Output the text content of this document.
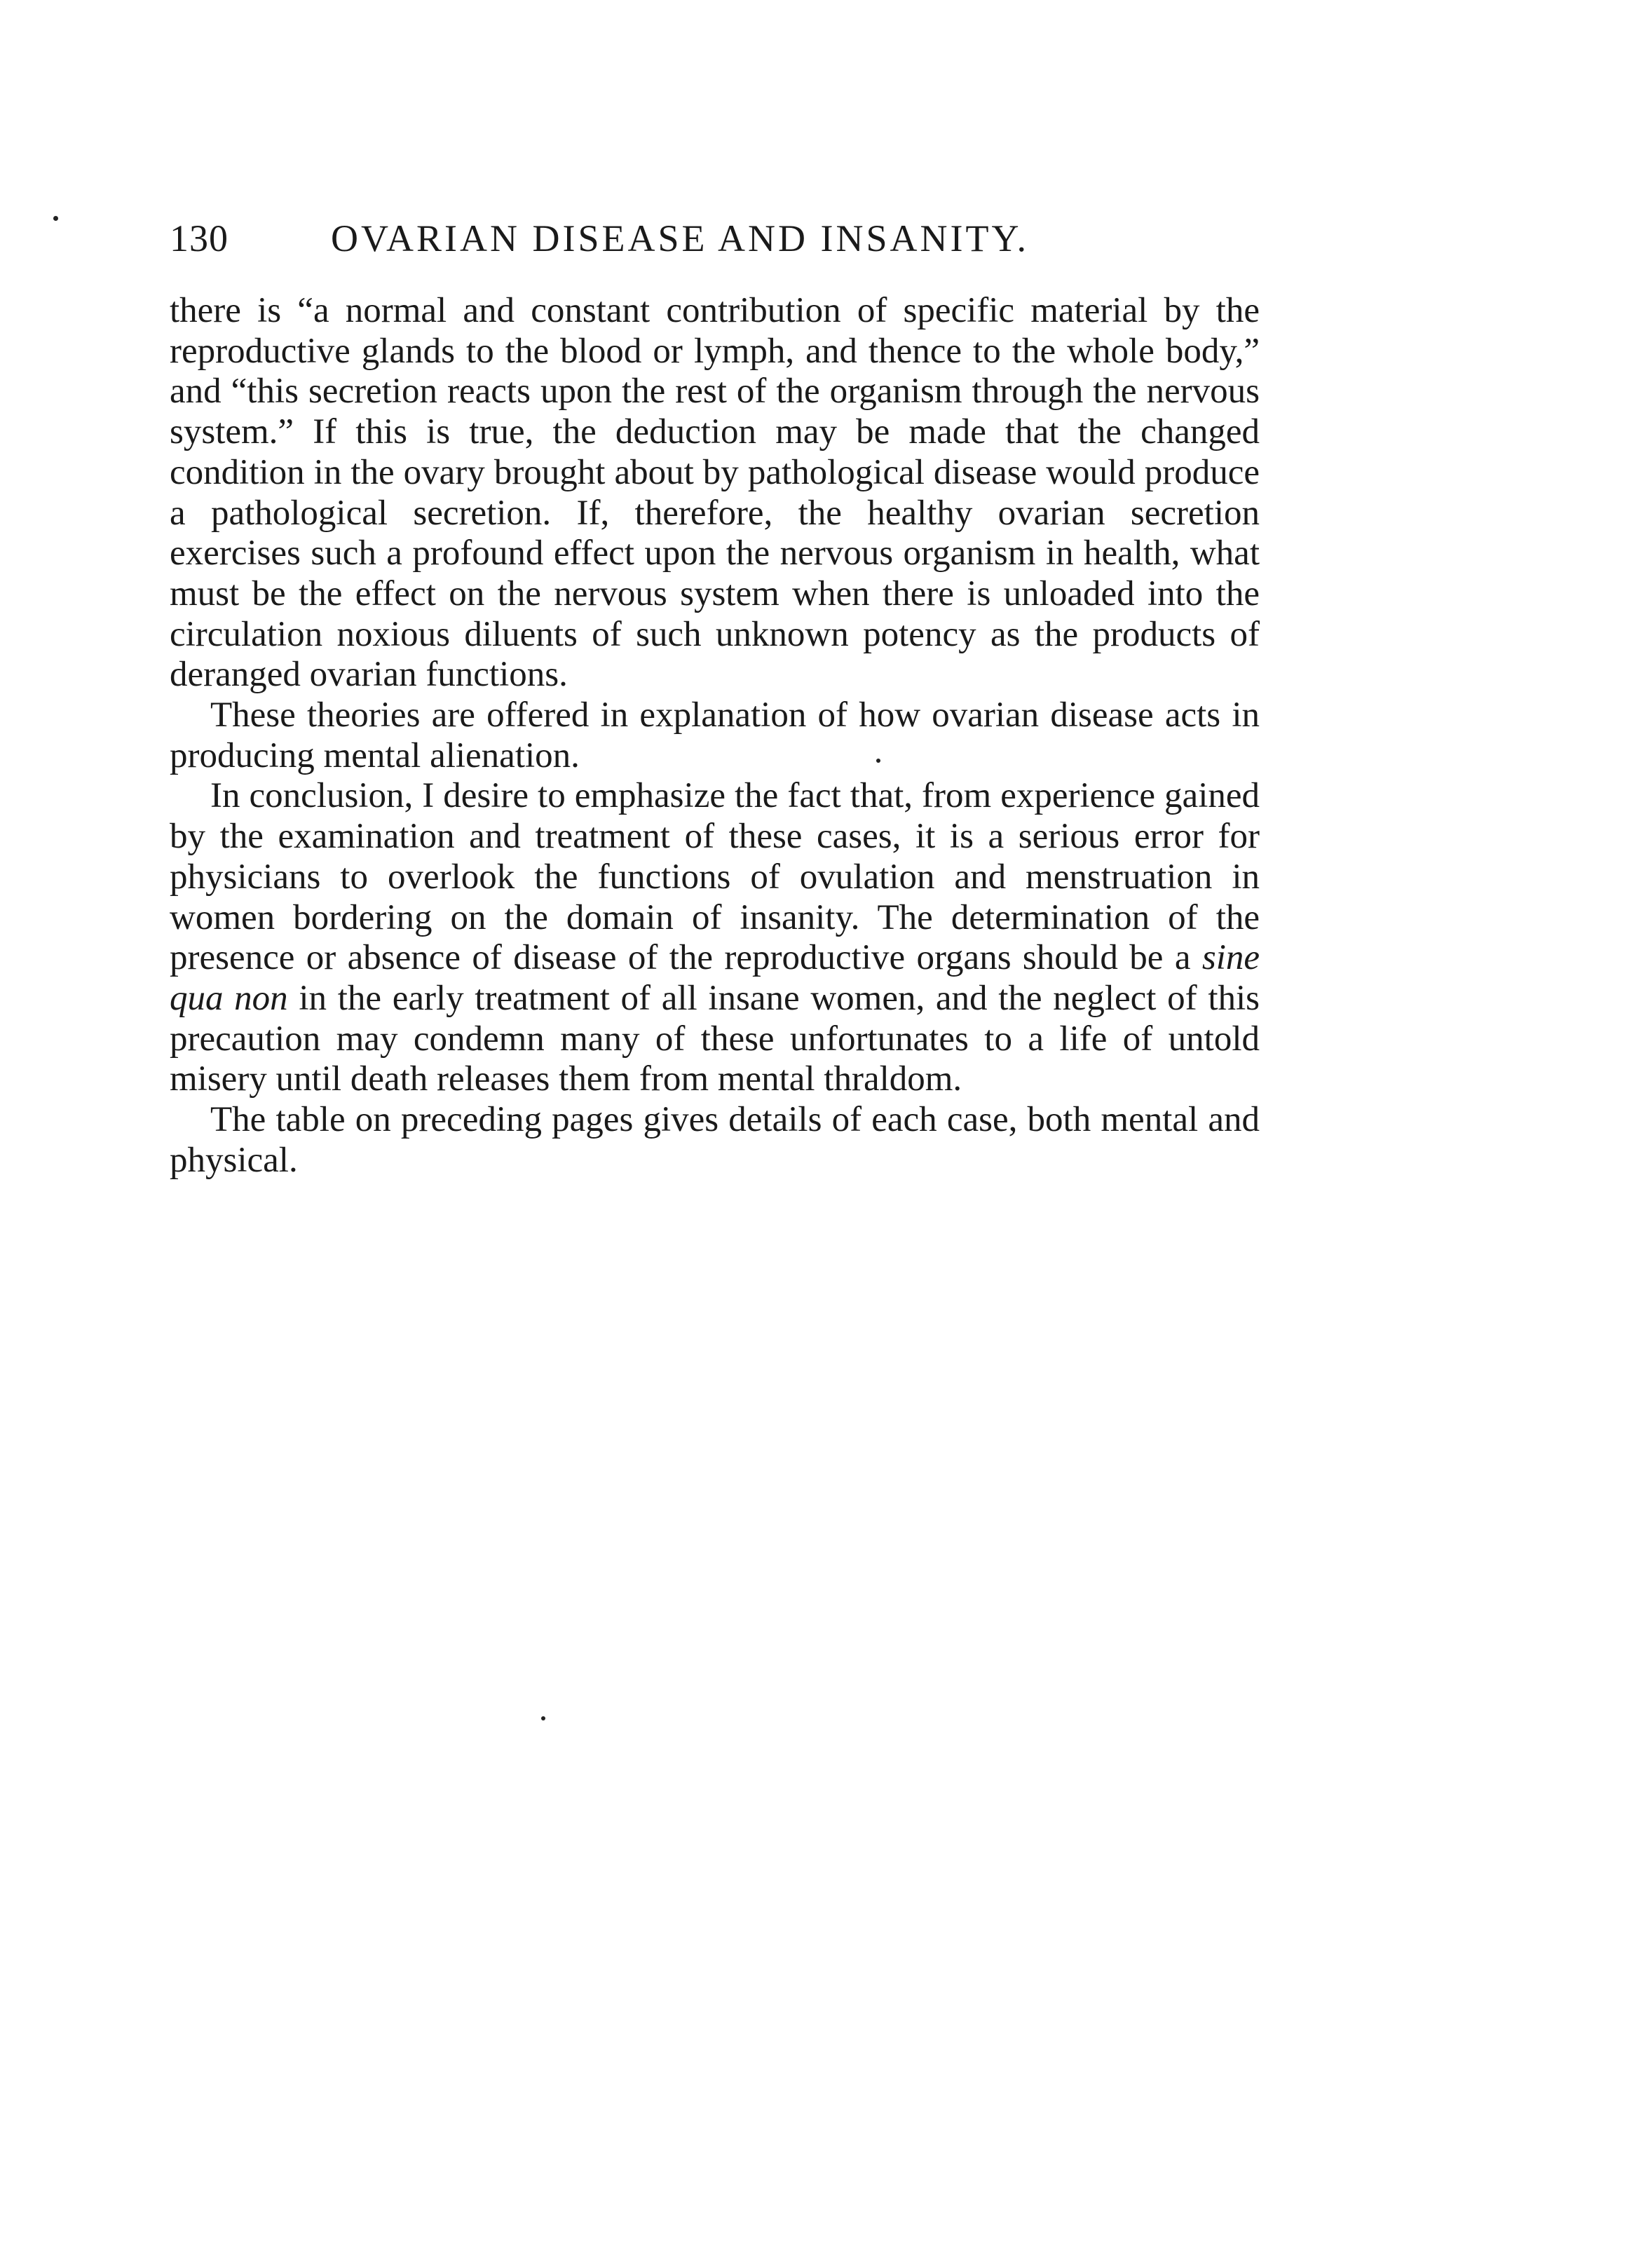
130	OVARIAN DISEASE AND INSANITY.

there is “a normal and constant contribution of specific material by the reproductive glands to the blood or lymph, and thence to the whole body,” and “this secretion reacts upon the rest of the organism through the nervous system.” If this is true, the deduction may be made that the changed condition in the ovary brought about by pathological disease would produce a pathological secretion. If, therefore, the healthy ovarian secretion exercises such a profound effect upon the nervous organism in health, what must be the effect on the nervous system when there is unloaded into the circulation noxious diluents of such unknown potency as the products of deranged ovarian functions.

These theories are offered in explanation of how ovarian disease acts in producing mental alienation.

In conclusion, I desire to emphasize the fact that, from experience gained by the examination and treatment of these cases, it is a serious error for physicians to overlook the functions of ovulation and menstruation in women bordering on the domain of insanity. The determination of the presence or absence of disease of the reproductive organs should be a sine qua non in the early treatment of all insane women, and the neglect of this precaution may condemn many of these unfortunates to a life of untold misery until death releases them from mental thraldom.

The table on preceding pages gives details of each case, both mental and physical.
